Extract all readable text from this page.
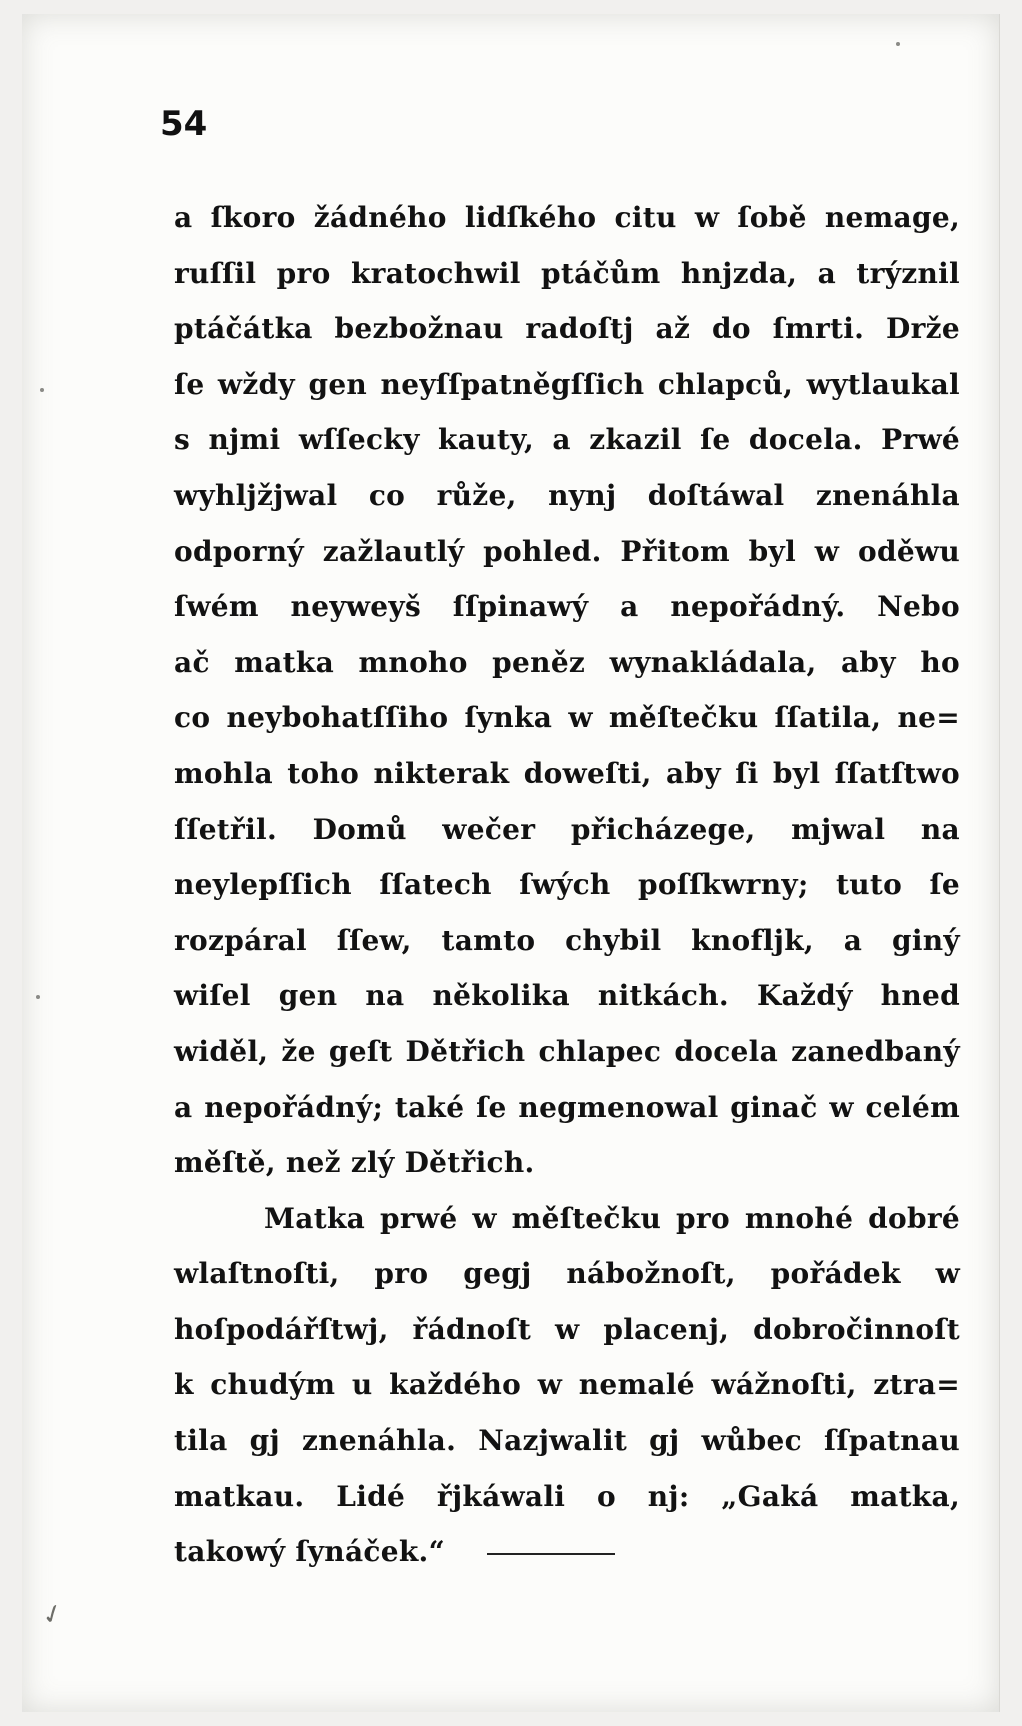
54

a ſkoro žádného lidſkého citu w ſobě nemage,
ruſſil pro kratochwil ptáčům hnjzda, a trýznil
ptáčátka bezbožnau radoſtj až do ſmrti. Drže
ſe wždy gen neyſſpatněgſſich chlapců, wytlaukal
s njmi wſſecky kauty, a zkazil ſe docela. Prwé
wyhljžjwal co růže, nynj doſtáwal znenáhla
odporný zažlautlý pohled. Přitom byl w oděwu
ſwém neyweyš ſſpinawý a nepořádný. Nebo
ač matka mnoho peněz wynakládala, aby ho
co neybohatſſiho ſynka w měſtečku ſſatila, ne=
mohla toho nikterak doweſti, aby ſi byl ſſatſtwo
ſſetřil. Domů wečer přicházege, mjwal na
neylepſſich ſſatech ſwých poſſkwrny; tuto ſe
rozpáral ſſew, tamto chybil knofljk, a giný
wiſel gen na několika nitkách. Každý hned
widěl, že geſt Dětřich chlapec docela zanedbaný
a nepořádný; také ſe negmenowal ginač w celém
měſtě, než zlý Dětřich.
Matka prwé w měſtečku pro mnohé dobré
wlaſtnoſti, pro gegj nábožnoſt, pořádek w
hoſpodářſtwj, řádnoſt w placenj, dobročinnoſt
k chudým u každého w nemalé wážnoſti, ztra=
tila gj znenáhla. Nazjwalit gj wůbec ſſpatnau
matkau. Lidé řjkáwali o nj: „Gaká matka,
takowý ſynáček.“
✓
